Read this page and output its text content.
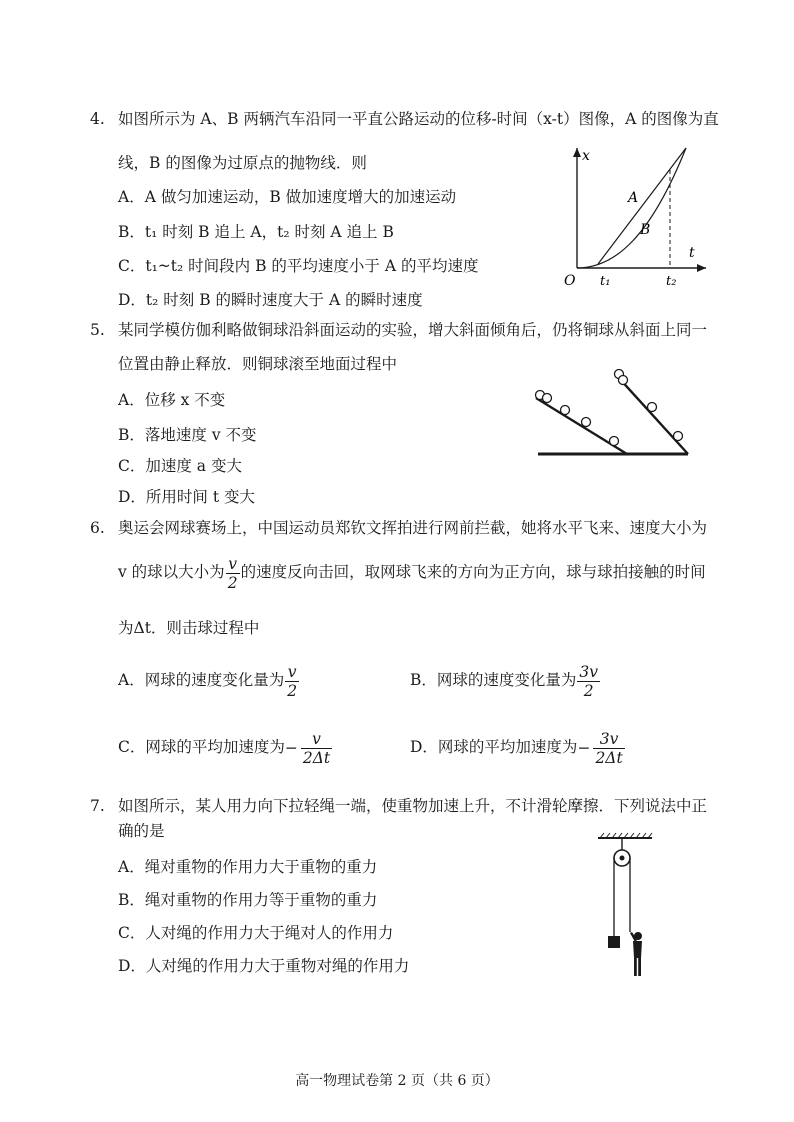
4. 如图所示为 A、B 两辆汽车沿同一平直公路运动的位移-时间（x-t）图像，A 的图像为直
线，B 的图像为过原点的抛物线．则
A．A 做匀加速运动，B 做加速度增大的加速运动
B．t₁ 时刻 B 追上 A，t₂ 时刻 A 追上 B
C．t₁~t₂ 时间段内 B 的平均速度小于 A 的平均速度
D．t₂ 时刻 B 的瞬时速度大于 A 的瞬时速度
x
t
O t₁	t₂
A
B
5. 某同学模仿伽利略做铜球沿斜面运动的实验，增大斜面倾角后，仍将铜球从斜面上同一
位置由静止释放．则铜球滚至地面过程中
A．位移 x 不变
B．落地速度 v 不变
C．加速度 a 变大
D．所用时间 t 变大
6. 奥运会网球赛场上，中国运动员郑钦文挥拍进行网前拦截，她将水平飞来、速度大小为
v 的球以大小为 $\frac{v}{2}$ 的速度反向击回，取网球飞来的方向为正方向，球与球拍接触的时间
为Δt．则击球过程中
A．网球的速度变化量为 $\frac{v}{2}$	B．网球的速度变化量为 $\frac{3v}{2}$
C．网球的平均加速度为 − $\frac{v}{2\Delta t}$	D．网球的平均加速度为 − $\frac{3v}{2\Delta t}$
7. 如图所示，某人用力向下拉轻绳一端，使重物加速上升，不计滑轮摩擦．下列说法中正
确的是
A．绳对重物的作用力大于重物的重力
B．绳对重物的作用力等于重物的重力
C．人对绳的作用力大于绳对人的作用力
D．人对绳的作用力大于重物对绳的作用力
高一物理试卷第 2 页（共 6 页）
